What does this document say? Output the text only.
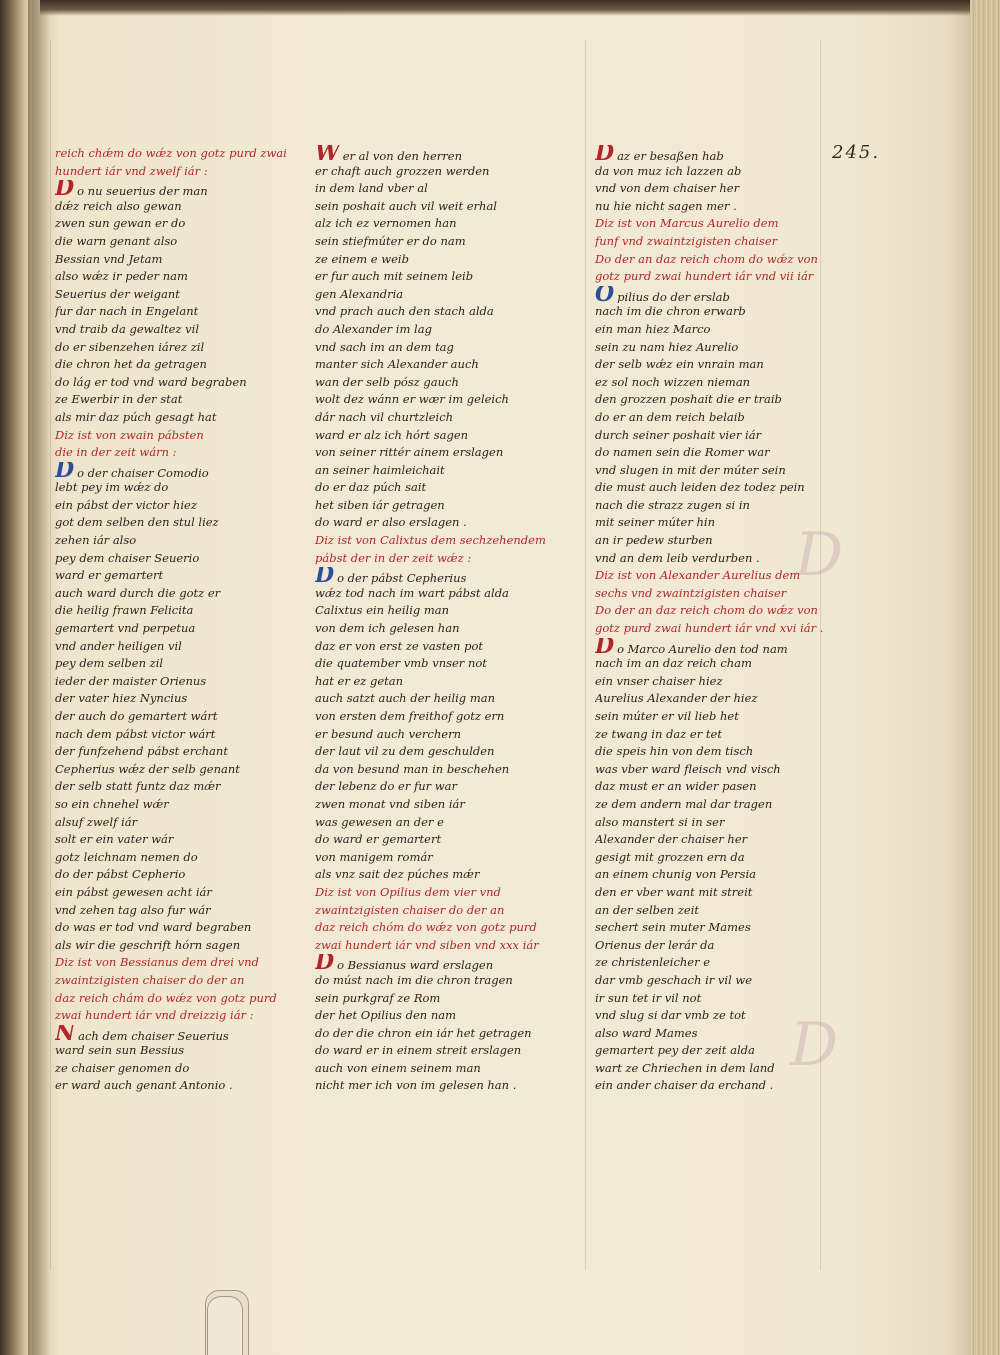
D
D
245.
reich chǽm do wǽz von gotz purd zwai
hundert iár vnd zwelf iár :
Do nu seuerius der man
dǽz reich also gewan
zwen sun gewan er do
die warn genant also
Bessian vnd Jetam
also wǽz ir peder nam
Seuerius der weigant
fur dar nach in Engelant
vnd traib da gewaltez vil
do er sibenzehen iárez zil
die chron het da getragen
do lág er tod vnd ward begraben
ze Ewerbir in der stat
als mir daz púch gesagt hat
Diz ist von zwain pábsten
die in der zeit wárn :
Do der chaiser Comodio
lebt pey im wǽz do
ein pábst der victor hiez
got dem selben den stul liez
zehen iár also
pey dem chaiser Seuerio
ward er gemartert
auch ward durch die gotz er
die heilig frawn Felicita
gemartert vnd perpetua
vnd ander heiligen vil
pey dem selben zil
ieder der maister Orienus
der vater hiez Nyncius
der auch do gemartert wárt
nach dem pábst victor wárt
der funfzehend pábst erchant
Cepherius wǽz der selb genant
der selb statt funtz daz mǽr
so ein chnehel wǽr
alsuf zwelf iár
solt er ein vater wár
gotz leichnam nemen do
do der pábst Cepherio
ein pábst gewesen acht iár
vnd zehen tag also fur wár
do was er tod vnd ward begraben
als wir die geschrift hórn sagen
Diz ist von Bessianus dem drei vnd
zwaintzigisten chaiser do der an
daz reich chám do wǽz von gotz purd
zwai hundert iár vnd dreizzig iár :
Nach dem chaiser Seuerius
ward sein sun Bessius
ze chaiser genomen do
er ward auch genant Antonio .
Wer al von den herren
er chaft auch grozzen werden
in dem land vber al
sein poshait auch vil weit erhal
alz ich ez vernomen han
sein stiefmúter er do nam
ze einem e weib
er fur auch mit seinem leib
gen Alexandria
vnd prach auch den stach alda
do Alexander im lag
vnd sach im an dem tag
manter sich Alexander auch
wan der selb pósz gauch
wolt dez wánn er wær im geleich
dár nach vil churtzleich
ward er alz ich hórt sagen
von seiner rittér ainem erslagen
an seiner haimleichait
do er daz púch sait
het siben iár getragen
do ward er also erslagen .
Diz ist von Calixtus dem sechzehendem
pábst der in der zeit wǽz :
Do der pábst Cepherius
wǽz tod nach im wart pábst alda
Calixtus ein heilig man
von dem ich gelesen han
daz er von erst ze vasten pot
die quatember vmb vnser not
hat er ez getan
auch satzt auch der heilig man
von ersten dem freithof gotz ern
er besund auch verchern
der laut vil zu dem geschulden
da von besund man in beschehen
der lebenz do er fur war
zwen monat vnd siben iár
was gewesen an der e
do ward er gemartert
von manigem romár
als vnz sait dez púches mǽr
Diz ist von Opilius dem vier vnd
zwaintzigisten chaiser do der an
daz reich chóm do wǽz von gotz purd
zwai hundert iár vnd siben vnd xxx iár
Do Bessianus ward erslagen
do múst nach im die chron tragen
sein purkgraf ze Rom
der het Opilius den nam
do der die chron ein iár het getragen
do ward er in einem streit erslagen
auch von einem seinem man
nicht mer ich von im gelesen han .
Daz er besaßen hab
da von muz ich lazzen ab
vnd von dem chaiser her
nu hie nicht sagen mer .
Diz ist von Marcus Aurelio dem
funf vnd zwaintzigisten chaiser
Do der an daz reich chom do wǽz von
gotz purd zwai hundert iár vnd vii iár
Opilius do der erslab
nach im die chron erwarb
ein man hiez Marco
sein zu nam hiez Aurelio
der selb wǽz ein vnrain man
ez sol noch wizzen nieman
den grozzen poshait die er traib
do er an dem reich belaib
durch seiner poshait vier iár
do namen sein die Romer war
vnd slugen in mit der múter sein
die must auch leiden dez todez pein
nach die strazz zugen si in
mit seiner múter hin
an ir pedew sturben
vnd an dem leib verdurben .
Diz ist von Alexander Aurelius dem
sechs vnd zwaintzigisten chaiser
Do der an daz reich chom do wǽz von
gotz purd zwai hundert iár vnd xvi iár .
Do Marco Aurelio den tod nam
nach im an daz reich cham
ein vnser chaiser hiez
Aurelius Alexander der hiez
sein múter er vil lieb het
ze twang in daz er tet
die speis hin von dem tisch
was vber ward fleisch vnd visch
daz must er an wider pasen
ze dem andern mal dar tragen
also manstert si in ser
Alexander der chaiser her
gesigt mit grozzen ern da
an einem chunig von Persia
den er vber want mit streit
an der selben zeit
sechert sein muter Mames
Orienus der lerár da
ze christenleicher e
dar vmb geschach ir vil we
ir sun tet ir vil not
vnd slug si dar vmb ze tot
also ward Mames
gemartert pey der zeit alda
wart ze Chriechen in dem land
ein ander chaiser da erchand .
